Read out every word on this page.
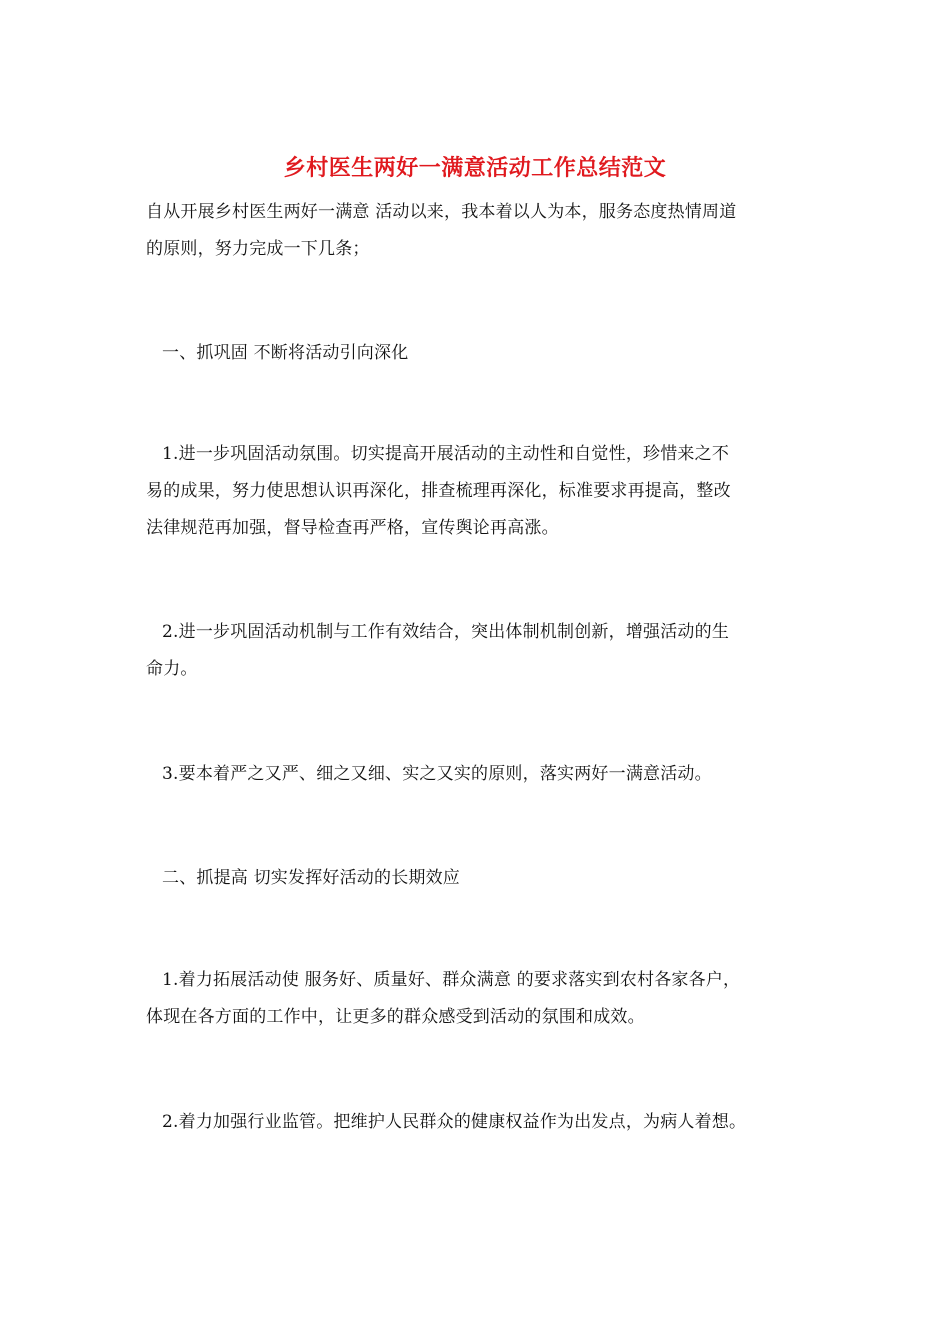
乡村医生两好一满意活动工作总结范文
自从开展乡村医生两好一满意 活动以来，我本着以人为本，服务态度热情周道
的原则，努力完成一下几条；
一、抓巩固 不断将活动引向深化
1.进一步巩固活动氛围。切实提高开展活动的主动性和自觉性，珍惜来之不
易的成果，努力使思想认识再深化，排查梳理再深化，标准要求再提高，整改
法律规范再加强，督导检查再严格，宣传舆论再高涨。
2.进一步巩固活动机制与工作有效结合，突出体制机制创新，增强活动的生
命力。
3.要本着严之又严、细之又细、实之又实的原则，落实两好一满意活动。
二、抓提高 切实发挥好活动的长期效应
1.着力拓展活动使 服务好、质量好、群众满意 的要求落实到农村各家各户，
体现在各方面的工作中，让更多的群众感受到活动的氛围和成效。
2.着力加强行业监管。把维护人民群众的健康权益作为出发点，为病人着想。
